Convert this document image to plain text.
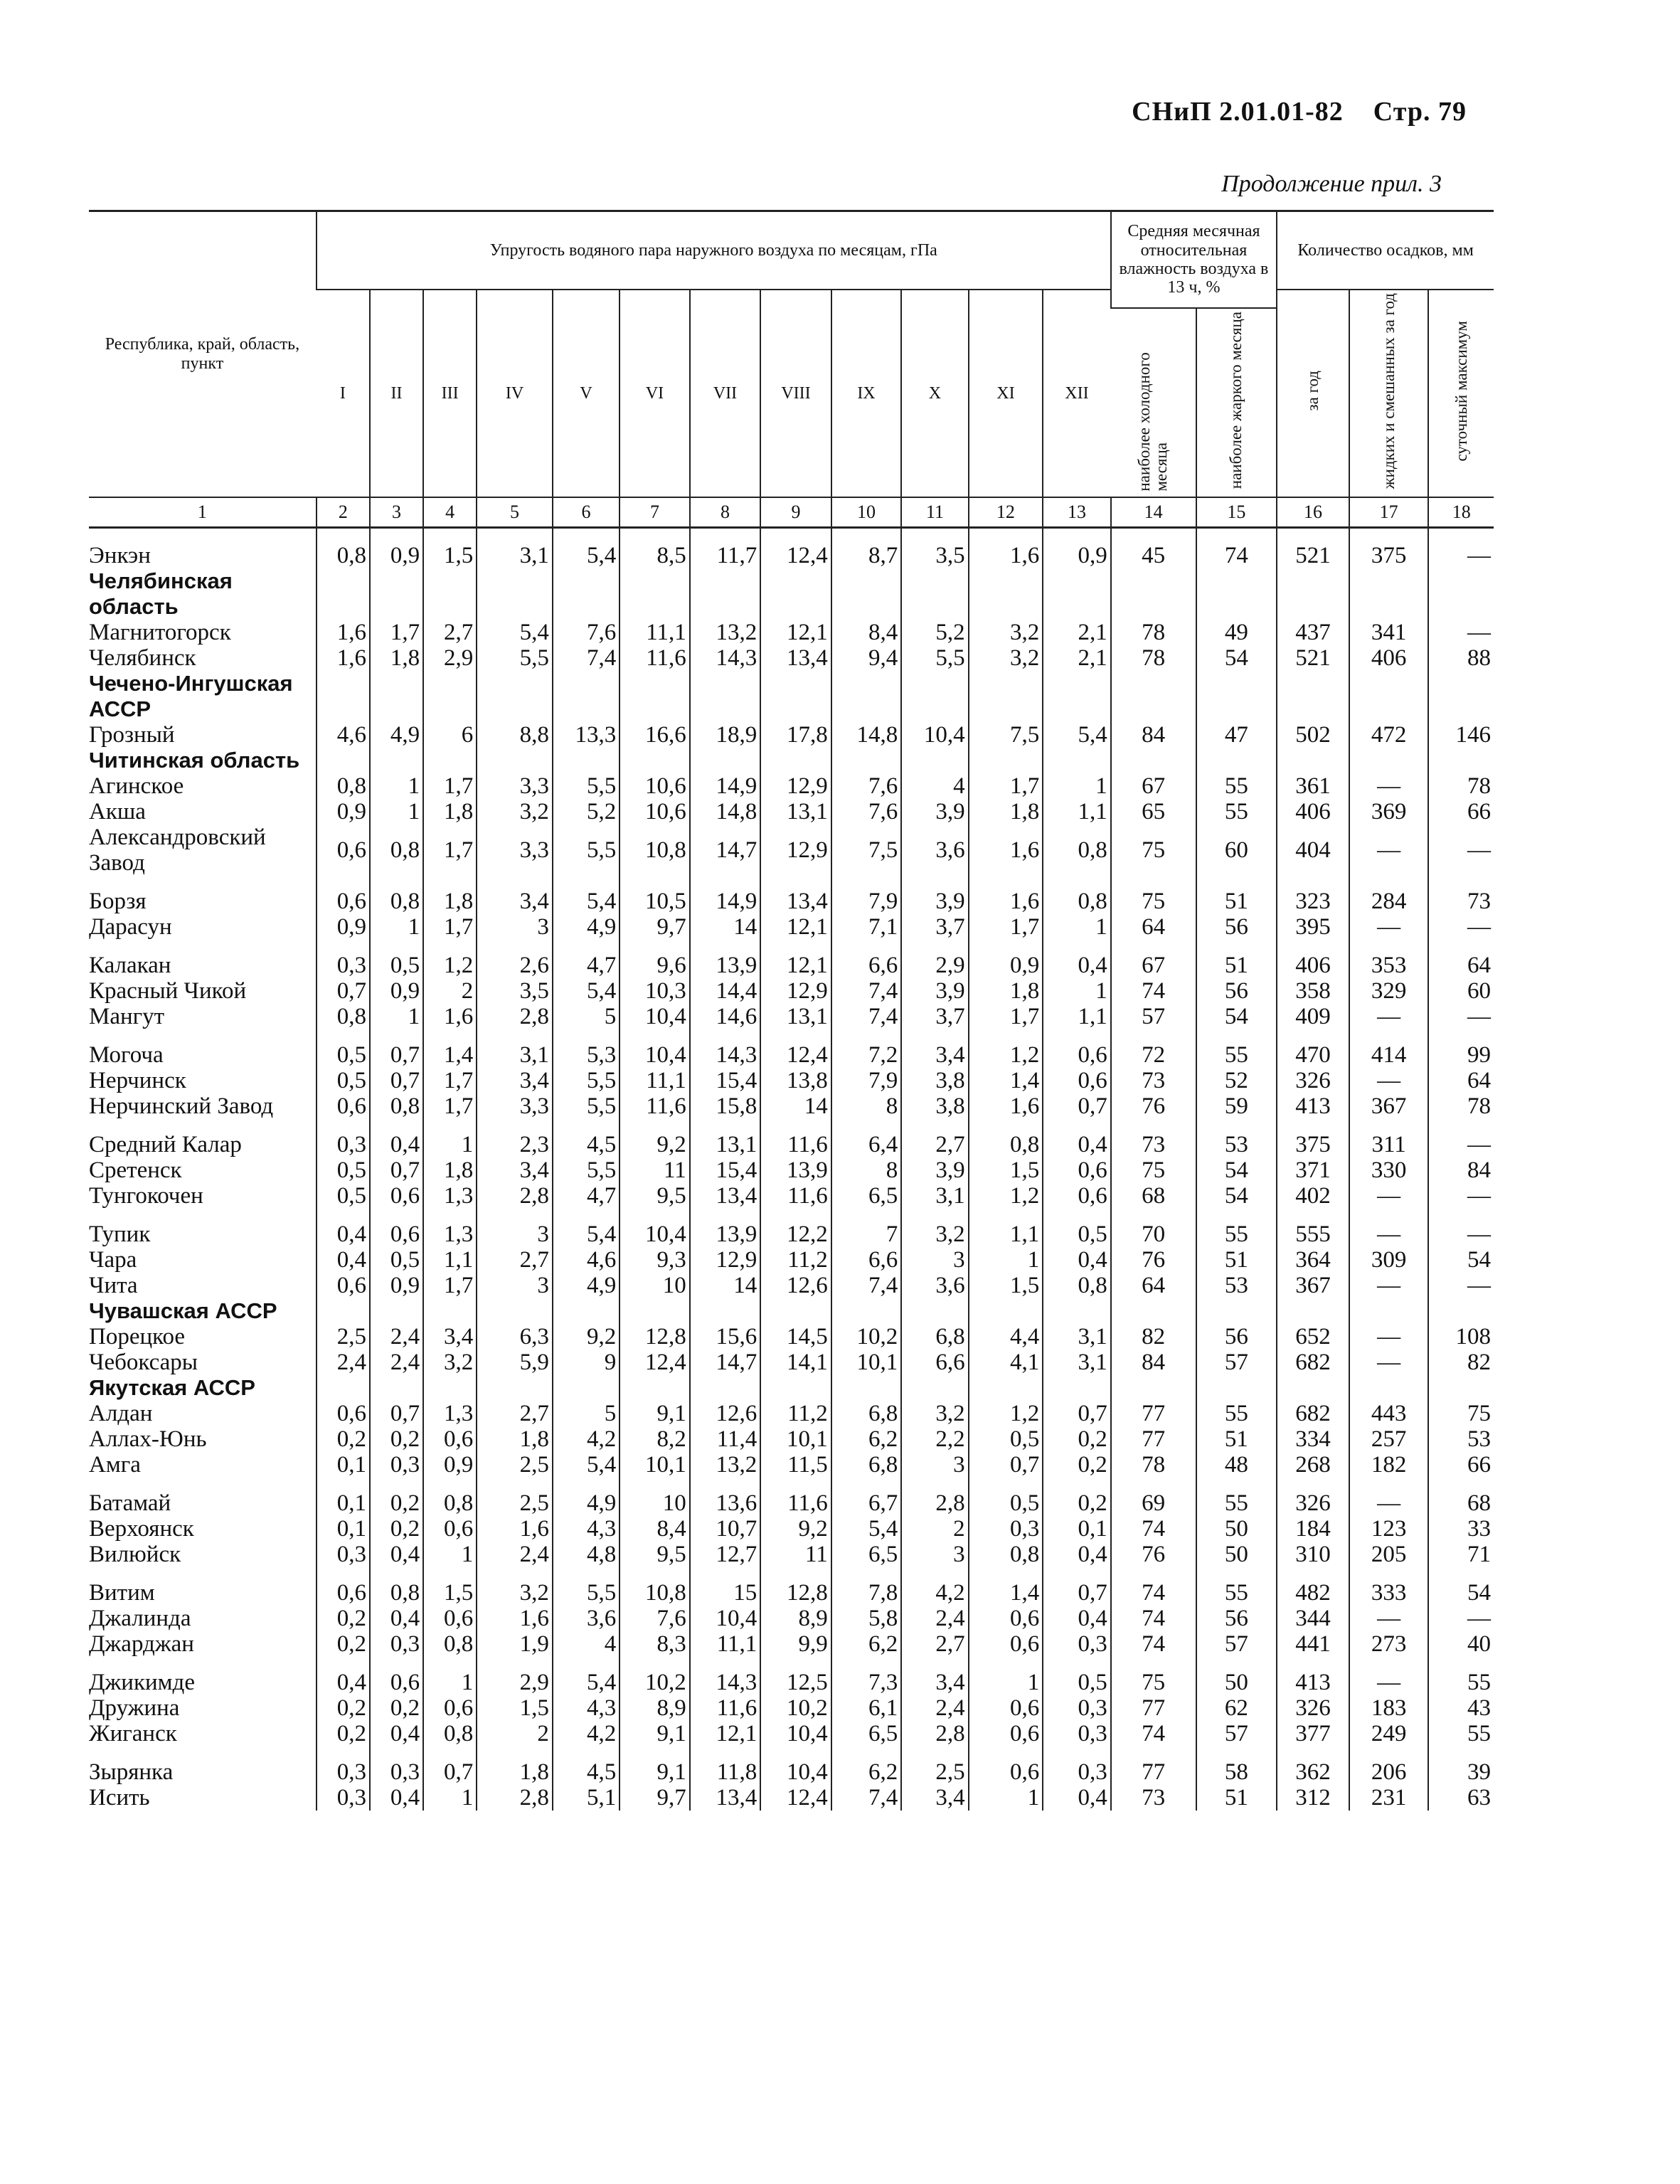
СНиП 2.01.01-82 Стр. 79
Продолжение прил. 3
Республика, край, область, пункт	Упругость водяного пара наружного воздуха по месяцам, гПа												Средняя месячная относительная влажность воздуха в 13 ч, %		Количество осадков, мм		
	I	II	III	IV	V	VI	VII	VIII	IX	X	XI	XII			за год	жидких и смешанных за год	суточный максимум
													наиболее холодного месяца	наиболее жаркого месяца			
1	2	3	4	5	6	7	8	9	10	11	12	13	14	15	16	17	18
Энкэн	0,8	0,9	1,5	3,1	5,4	8,5	11,7	12,4	8,7	3,5	1,6	0,9	45	74	521	375	—
Челябинская область																	
Магнитогорск	1,6	1,7	2,7	5,4	7,6	11,1	13,2	12,1	8,4	5,2	3,2	2,1	78	49	437	341	—
Челябинск	1,6	1,8	2,9	5,5	7,4	11,6	14,3	13,4	9,4	5,5	3,2	2,1	78	54	521	406	88
Чечено-Ингушская АССР																	
Грозный	4,6	4,9	6	8,8	13,3	16,6	18,9	17,8	14,8	10,4	7,5	5,4	84	47	502	472	146
Читинская область																	
Агинское	0,8	1	1,7	3,3	5,5	10,6	14,9	12,9	7,6	4	1,7	1	67	55	361	—	78
Акша	0,9	1	1,8	3,2	5,2	10,6	14,8	13,1	7,6	3,9	1,8	1,1	65	55	406	369	66
Александровский Завод	0,6	0,8	1,7	3,3	5,5	10,8	14,7	12,9	7,5	3,6	1,6	0,8	75	60	404	—	—

Борзя	0,6	0,8	1,8	3,4	5,4	10,5	14,9	13,4	7,9	3,9	1,6	0,8	75	51	323	284	73
Дарасун	0,9	1	1,7	3	4,9	9,7	14	12,1	7,1	3,7	1,7	1	64	56	395	—	—

Калакан	0,3	0,5	1,2	2,6	4,7	9,6	13,9	12,1	6,6	2,9	0,9	0,4	67	51	406	353	64
Красный Чикой	0,7	0,9	2	3,5	5,4	10,3	14,4	12,9	7,4	3,9	1,8	1	74	56	358	329	60
Мангут	0,8	1	1,6	2,8	5	10,4	14,6	13,1	7,4	3,7	1,7	1,1	57	54	409	—	—

Могоча	0,5	0,7	1,4	3,1	5,3	10,4	14,3	12,4	7,2	3,4	1,2	0,6	72	55	470	414	99
Нерчинск	0,5	0,7	1,7	3,4	5,5	11,1	15,4	13,8	7,9	3,8	1,4	0,6	73	52	326	—	64
Нерчинский Завод	0,6	0,8	1,7	3,3	5,5	11,6	15,8	14	8	3,8	1,6	0,7	76	59	413	367	78

Средний Калар	0,3	0,4	1	2,3	4,5	9,2	13,1	11,6	6,4	2,7	0,8	0,4	73	53	375	311	—
Сретенск	0,5	0,7	1,8	3,4	5,5	11	15,4	13,9	8	3,9	1,5	0,6	75	54	371	330	84
Тунгокочен	0,5	0,6	1,3	2,8	4,7	9,5	13,4	11,6	6,5	3,1	1,2	0,6	68	54	402	—	—

Тупик	0,4	0,6	1,3	3	5,4	10,4	13,9	12,2	7	3,2	1,1	0,5	70	55	555	—	—
Чара	0,4	0,5	1,1	2,7	4,6	9,3	12,9	11,2	6,6	3	1	0,4	76	51	364	309	54
Чита	0,6	0,9	1,7	3	4,9	10	14	12,6	7,4	3,6	1,5	0,8	64	53	367	—	—
Чувашская АССР																	
Порецкое	2,5	2,4	3,4	6,3	9,2	12,8	15,6	14,5	10,2	6,8	4,4	3,1	82	56	652	—	108
Чебоксары	2,4	2,4	3,2	5,9	9	12,4	14,7	14,1	10,1	6,6	4,1	3,1	84	57	682	—	82
Якутская АССР																	
Алдан	0,6	0,7	1,3	2,7	5	9,1	12,6	11,2	6,8	3,2	1,2	0,7	77	55	682	443	75
Аллах-Юнь	0,2	0,2	0,6	1,8	4,2	8,2	11,4	10,1	6,2	2,2	0,5	0,2	77	51	334	257	53
Амга	0,1	0,3	0,9	2,5	5,4	10,1	13,2	11,5	6,8	3	0,7	0,2	78	48	268	182	66

Батамай	0,1	0,2	0,8	2,5	4,9	10	13,6	11,6	6,7	2,8	0,5	0,2	69	55	326	—	68
Верхоянск	0,1	0,2	0,6	1,6	4,3	8,4	10,7	9,2	5,4	2	0,3	0,1	74	50	184	123	33
Вилюйск	0,3	0,4	1	2,4	4,8	9,5	12,7	11	6,5	3	0,8	0,4	76	50	310	205	71

Витим	0,6	0,8	1,5	3,2	5,5	10,8	15	12,8	7,8	4,2	1,4	0,7	74	55	482	333	54
Джалинда	0,2	0,4	0,6	1,6	3,6	7,6	10,4	8,9	5,8	2,4	0,6	0,4	74	56	344	—	—
Джарджан	0,2	0,3	0,8	1,9	4	8,3	11,1	9,9	6,2	2,7	0,6	0,3	74	57	441	273	40

Джикимде	0,4	0,6	1	2,9	5,4	10,2	14,3	12,5	7,3	3,4	1	0,5	75	50	413	—	55
Дружина	0,2	0,2	0,6	1,5	4,3	8,9	11,6	10,2	6,1	2,4	0,6	0,3	77	62	326	183	43
Жиганск	0,2	0,4	0,8	2	4,2	9,1	12,1	10,4	6,5	2,8	0,6	0,3	74	57	377	249	55

Зырянка	0,3	0,3	0,7	1,8	4,5	9,1	11,8	10,4	6,2	2,5	0,6	0,3	77	58	362	206	39
Исить	0,3	0,4	1	2,8	5,1	9,7	13,4	12,4	7,4	3,4	1	0,4	73	51	312	231	63
